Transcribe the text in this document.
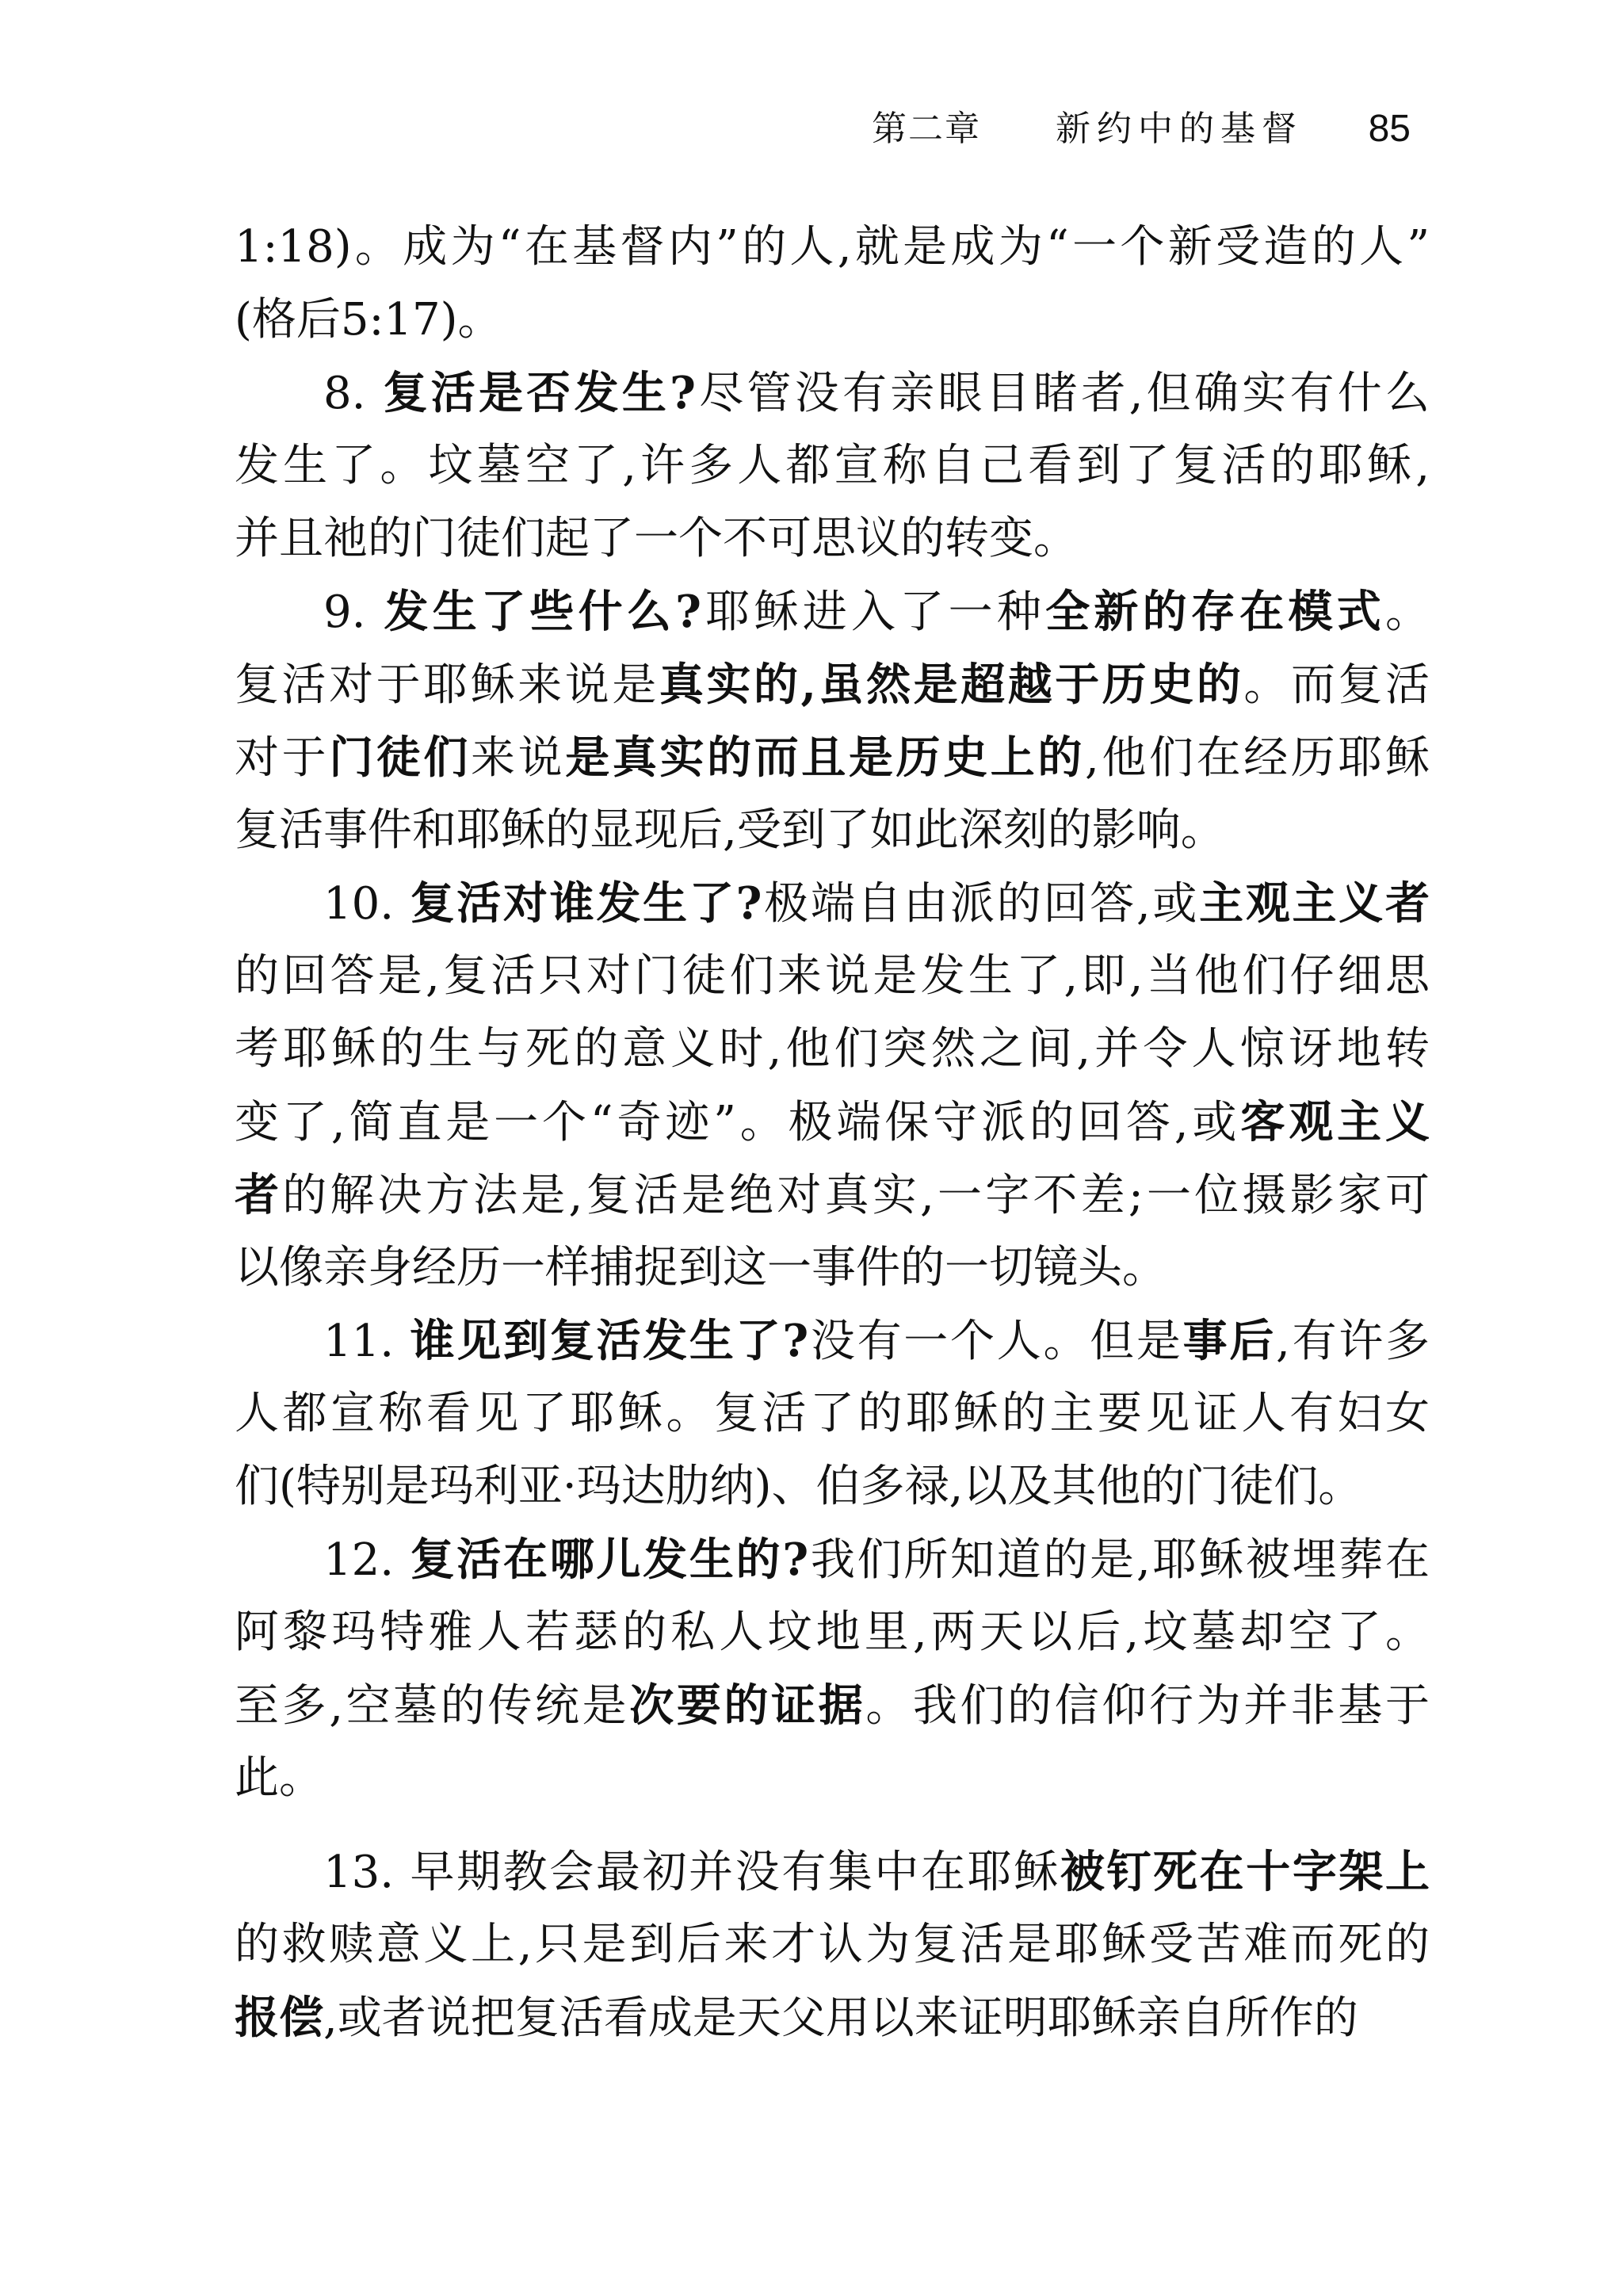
第二章 新约中的基督 85
1:18)。成为“在基督内”的人,就是成为“一个新受造的人”
(格后5:17)。
8. 复活是否发生?尽管没有亲眼目睹者,但确实有什么
发生了。坟墓空了,许多人都宣称自己看到了复活的耶稣,
并且祂的门徒们起了一个不可思议的转变。
9. 发生了些什么?耶稣进入了一种全新的存在模式。
复活对于耶稣来说是真实的,虽然是超越于历史的。而复活
对于门徒们来说是真实的而且是历史上的,他们在经历耶稣
复活事件和耶稣的显现后,受到了如此深刻的影响。
10. 复活对谁发生了?极端自由派的回答,或主观主义者
的回答是,复活只对门徒们来说是发生了,即,当他们仔细思
考耶稣的生与死的意义时,他们突然之间,并令人惊讶地转
变了,简直是一个“奇迹”。极端保守派的回答,或客观主义
者的解决方法是,复活是绝对真实,一字不差;一位摄影家可
以像亲身经历一样捕捉到这一事件的一切镜头。
11. 谁见到复活发生了?没有一个人。但是事后,有许多
人都宣称看见了耶稣。复活了的耶稣的主要见证人有妇女
们(特别是玛利亚·玛达肋纳)、伯多禄,以及其他的门徒们。
12. 复活在哪儿发生的?我们所知道的是,耶稣被埋葬在
阿黎玛特雅人若瑟的私人坟地里,两天以后,坟墓却空了。
至多,空墓的传统是次要的证据。我们的信仰行为并非基于
此。
13. 早期教会最初并没有集中在耶稣被钉死在十字架上
的救赎意义上,只是到后来才认为复活是耶稣受苦难而死的
报偿,或者说把复活看成是天父用以来证明耶稣亲自所作的
